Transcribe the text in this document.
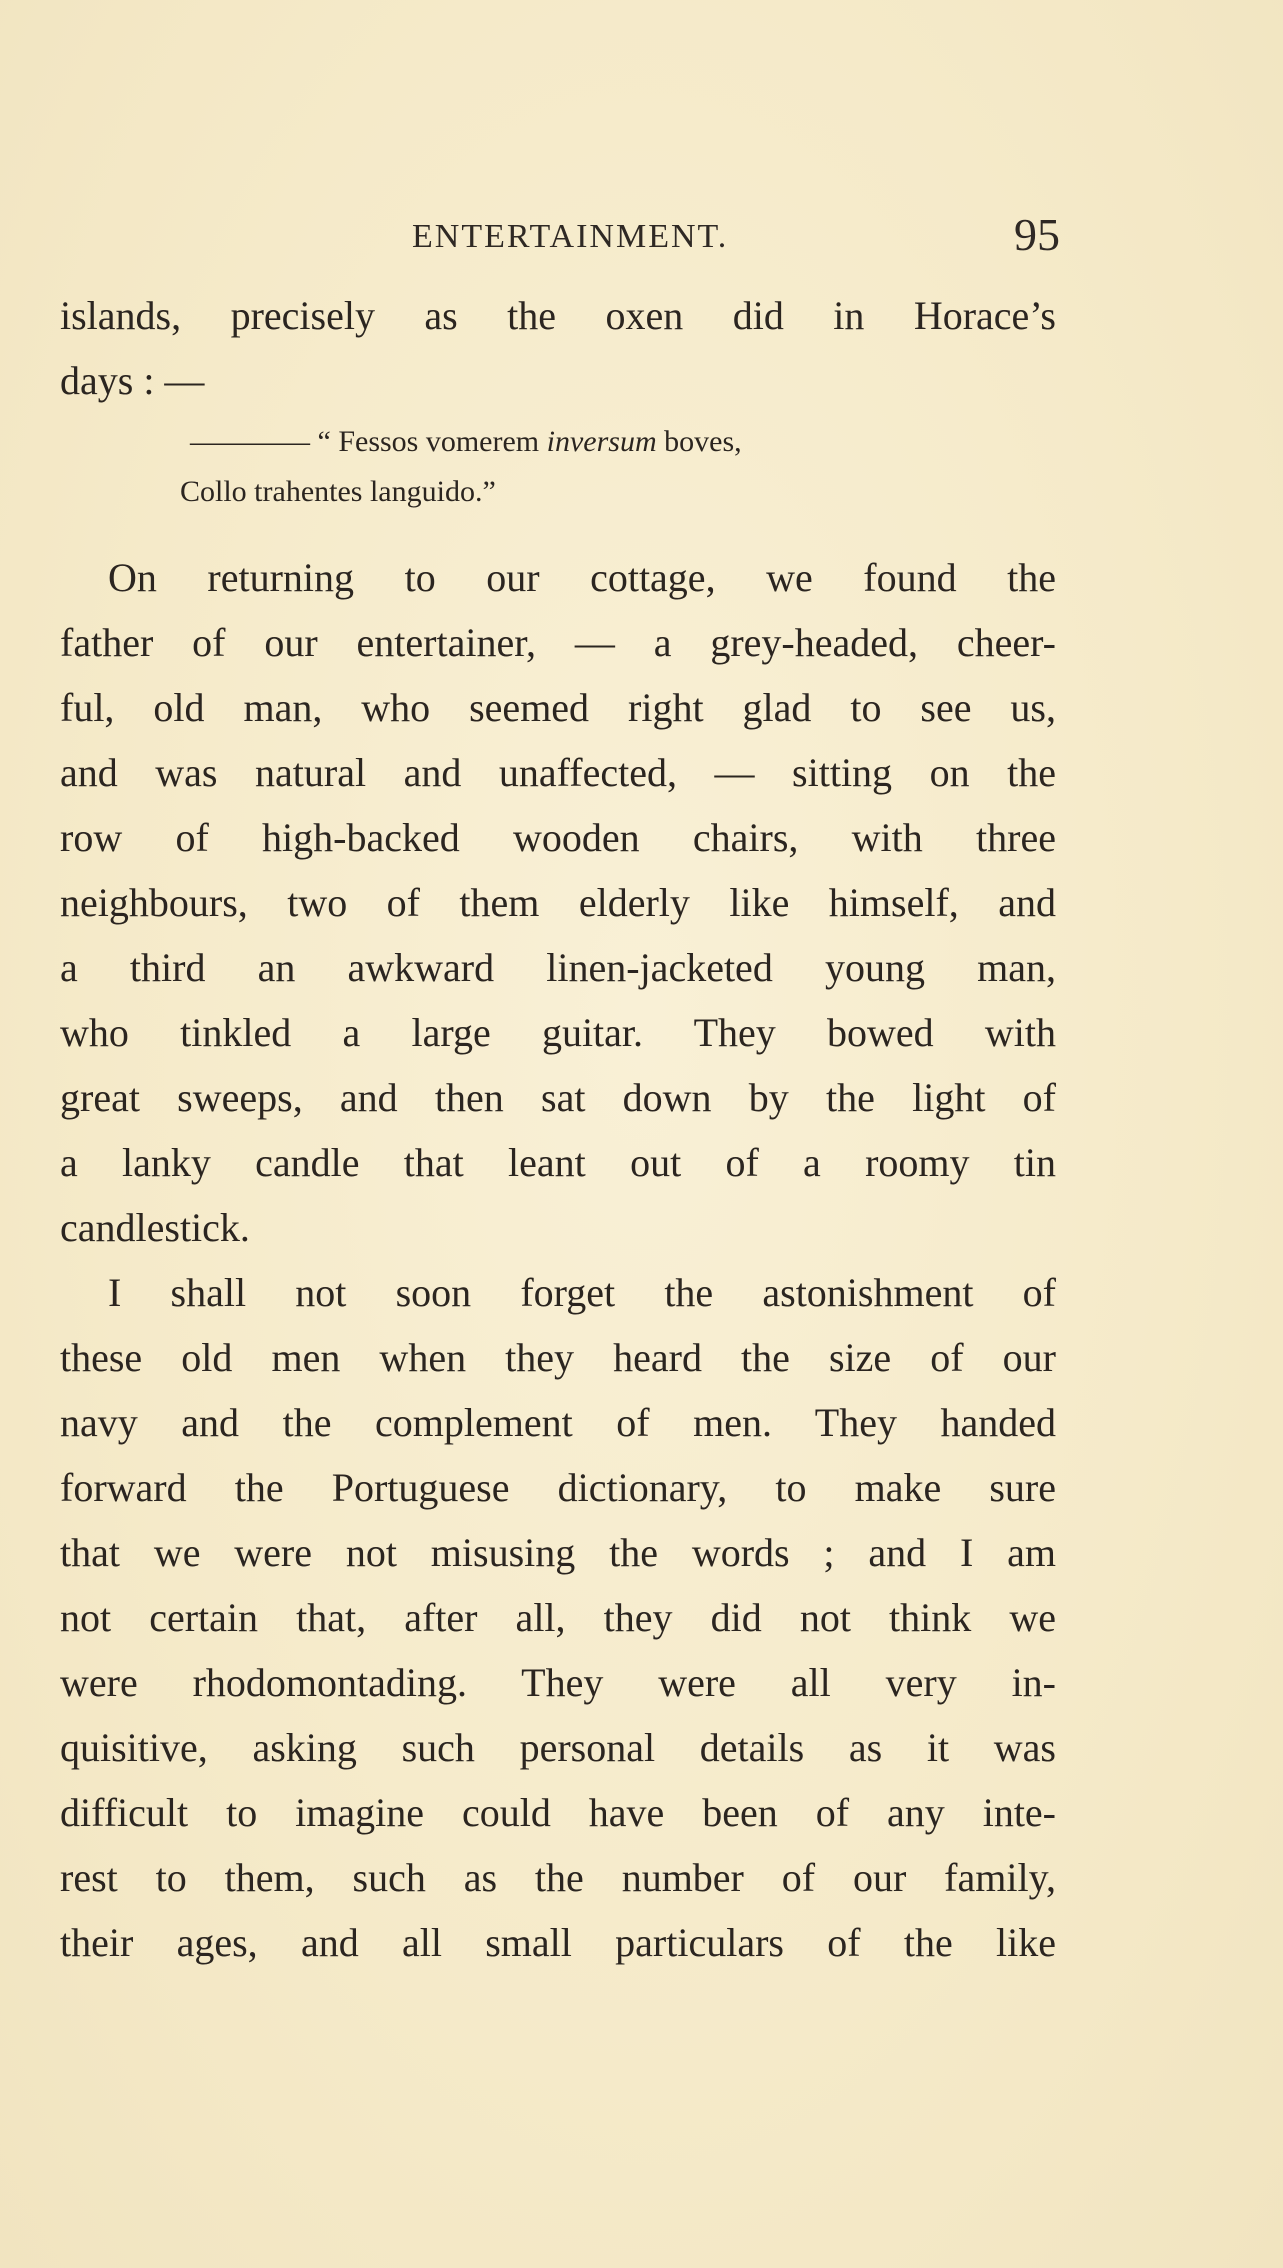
ENTERTAINMENT.	95
islands, precisely as the oxen did in Horace’s
days : —
———— “ Fessos vomerem inversum boves,
Collo trahentes languido.”
On returning to our cottage, we found the
father of our entertainer, — a grey-headed, cheer-
ful, old man, who seemed right glad to see us,
and was natural and unaffected, — sitting on the
row of high-backed wooden chairs, with three
neighbours, two of them elderly like himself, and
a third an awkward linen-jacketed young man,
who tinkled a large guitar. They bowed with
great sweeps, and then sat down by the light of
a lanky candle that leant out of a roomy tin
candlestick.
I shall not soon forget the astonishment of
these old men when they heard the size of our
navy and the complement of men. They handed
forward the Portuguese dictionary, to make sure
that we were not misusing the words ; and I am
not certain that, after all, they did not think we
were rhodomontading. They were all very in-
quisitive, asking such personal details as it was
difficult to imagine could have been of any inte-
rest to them, such as the number of our family,
their ages, and all small particulars of the like
